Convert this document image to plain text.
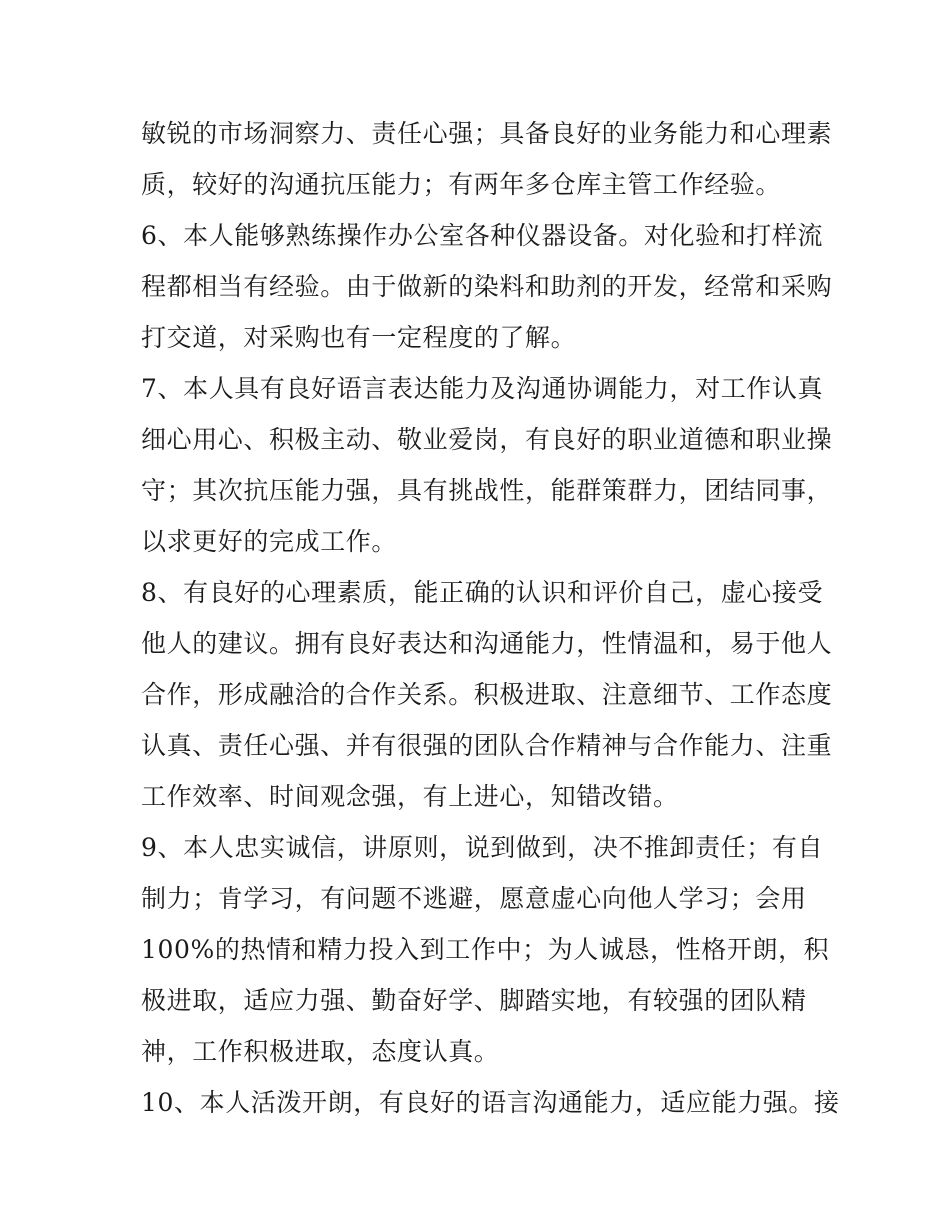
敏锐的市场洞察力、责任心强；具备良好的业务能力和心理素
质，较好的沟通抗压能力；有两年多仓库主管工作经验。
6、本人能够熟练操作办公室各种仪器设备。对化验和打样流
程都相当有经验。由于做新的染料和助剂的开发，经常和采购
打交道，对采购也有一定程度的了解。
7、本人具有良好语言表达能力及沟通协调能力，对工作认真
细心用心、积极主动、敬业爱岗，有良好的职业道德和职业操
守；其次抗压能力强，具有挑战性，能群策群力，团结同事，
以求更好的完成工作。
8、有良好的心理素质，能正确的认识和评价自己，虚心接受
他人的建议。拥有良好表达和沟通能力，性情温和，易于他人
合作，形成融洽的合作关系。积极进取、注意细节、工作态度
认真、责任心强、并有很强的团队合作精神与合作能力、注重
工作效率、时间观念强，有上进心，知错改错。
9、本人忠实诚信，讲原则，说到做到，决不推卸责任；有自
制力；肯学习，有问题不逃避，愿意虚心向他人学习；会用
100%的热情和精力投入到工作中；为人诚恳，性格开朗，积
极进取，适应力强、勤奋好学、脚踏实地，有较强的团队精
神，工作积极进取，态度认真。
10、本人活泼开朗，有良好的语言沟通能力，适应能力强。接
